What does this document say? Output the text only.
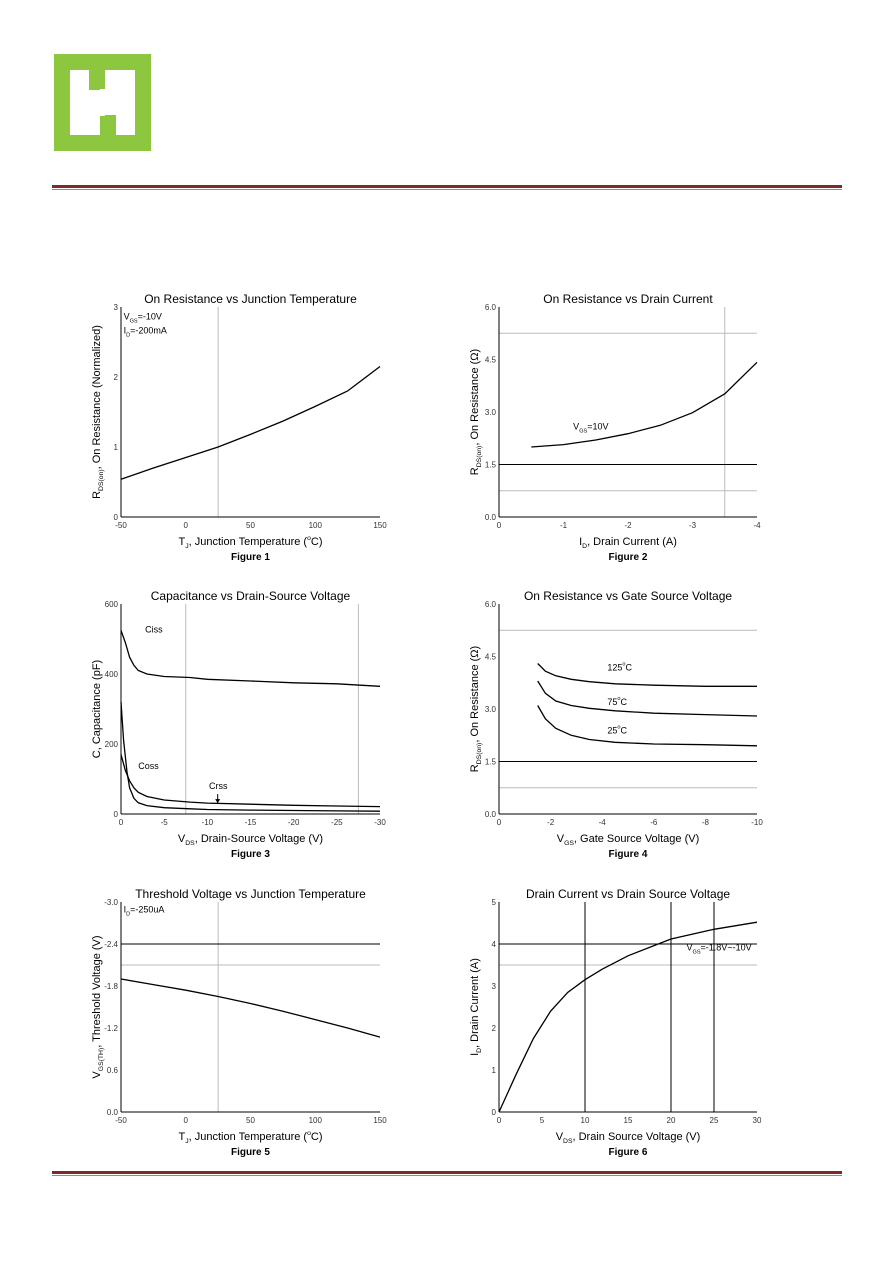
On Resistance vs Junction Temperature
-50	0	50	100	150
0
1
2
3
$T_J$, Junction Temperature ($^o$C)
$R_{DS(on)}$, On Resistance (Normalized)
Figure 1
$V_{GS}=-10V$
$I_D=-200mA$
On Resistance vs Drain Current
0	-1	-2	-3	-4
0.0
1.5
3.0
4.5
6.0
$I_D$, Drain Current (A)
$R_{DS(on)}$, On Resistance (Ω)
Figure 2
$V_{GS}=10V$
Capacitance vs Drain-Source Voltage
0	-5	-10	-15	-20	-25	-30
0
200
400
600
$V_{DS}$, Drain-Source Voltage (V)
C, Capacitance (pF)
Figure 3
Ciss
Coss
Crss
On Resistance vs Gate Source Voltage
0	-2	-4	-6	-8	-10
0.0
1.5
3.0
4.5
6.0
$V_{GS}$, Gate Source Voltage (V)
$R_{DS(on)}$, On Resistance (Ω)
Figure 4
125$^o$C
75$^o$C
25$^o$C
Threshold Voltage vs Junction Temperature
-50	0	50	100	150
0.0
0.6
-1.2
-1.8
-2.4
-3.0
$T_J$, Junction Temperature ($^o$C)
$V_{GS(TH)}$, Threshold Voltage (V)
Figure 5
$I_D=-250uA$
Drain Current vs Drain Source Voltage
0	5	10	15	20	25	30
0
1
2
3
4
5
$V_{DS}$, Drain Source Voltage (V)
$I_D$, Drain Current (A)
Figure 6
$V_{GS}=-1.8V\sim-10V$
